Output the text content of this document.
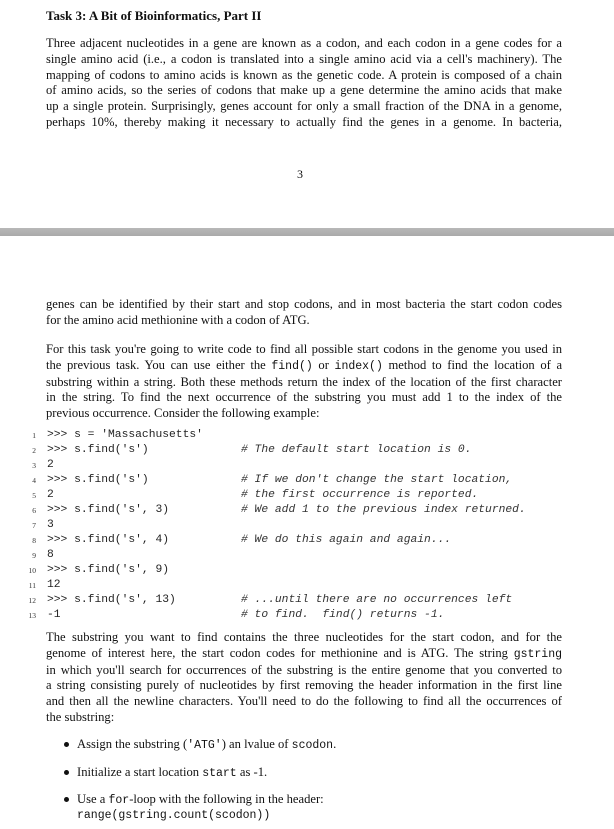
Task 3: A Bit of Bioinformatics, Part II
Three adjacent nucleotides in a gene are known as a codon, and each codon in a gene codes for a
single amino acid (i.e., a codon is translated into a single amino acid via a cell's machinery). The
mapping of codons to amino acids is known as the genetic code. A protein is composed of a chain
of amino acids, so the series of codons that make up a gene determine the amino acids that make
up a single protein. Surprisingly, genes account for only a small fraction of the DNA in a genome,
perhaps 10%, thereby making it necessary to actually find the genes in a genome. In bacteria,
3
genes can be identified by their start and stop codons, and in most bacteria the start codon codes
for the amino acid methionine with a codon of ATG.
For this task you're going to write code to find all possible start codons in the genome you used in
the previous task. You can use either the find() or index() method to find the location of a
substring within a string. Both these methods return the index of the location of the first character
in the string. To find the next occurrence of the substring you must add 1 to the index of the
previous occurrence. Consider the following example:
1 >>> s = 'Massachusetts'
2 >>> s.find('s')	# The default start location is 0.
3 2
4 >>> s.find('s')	# If we don't change the start location,
5 2	# the first occurrence is reported.
6 >>> s.find('s', 3)	# We add 1 to the previous index returned.
7 3
8 >>> s.find('s', 4)	# We do this again and again...
9 8
10 >>> s.find('s', 9)
11 12
12 >>> s.find('s', 13)	# ...until there are no occurrences left
13 -1	# to find.  find() returns -1.
The substring you want to find contains the three nucleotides for the start codon, and for the
genome of interest here, the start codon codes for methionine and is ATG. The string gstring
in which you'll search for occurrences of the substring is the entire genome that you converted to
a string consisting purely of nucleotides by first removing the header information in the first line
and then all the newline characters. You'll need to do the following to find all the occurrences of
the substring:
Assign the substring ('ATG') an lvalue of scodon.
Initialize a start location start as -1.
Use a for-loop with the following in the header:
range(gstring.count(scodon))
